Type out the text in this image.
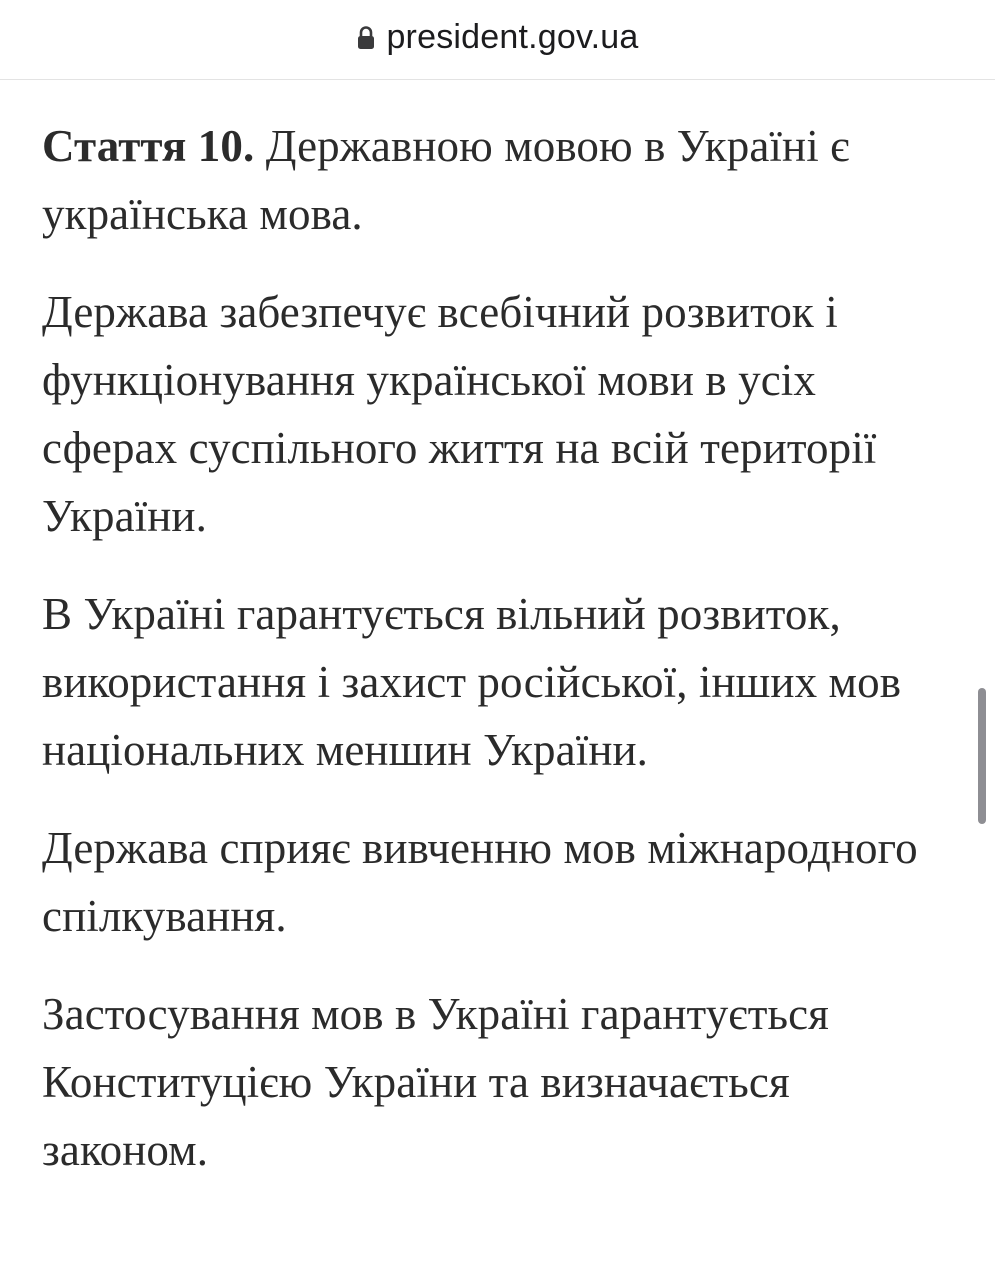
president.gov.ua

Стаття 10. Державною мовою в Україні є українська мова.

Держава забезпечує всебічний розвиток і функціонування української мови в усіх сферах суспільного життя на всій території України.

В Україні гарантується вільний розвиток, використання і захист російської, інших мов національних меншин України.

Держава сприяє вивченню мов міжнародного спілкування.

Застосування мов в Україні гарантується Конституцією України та визначається законом.
